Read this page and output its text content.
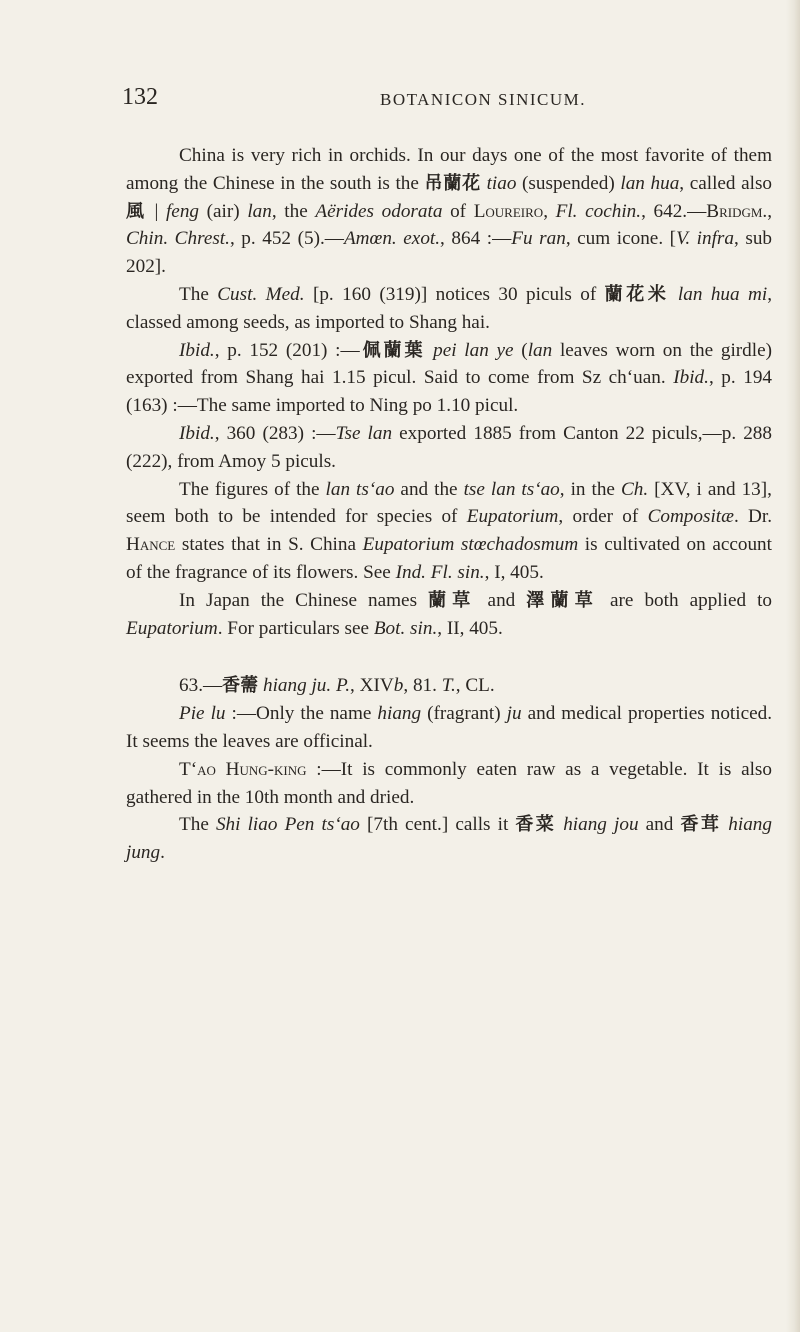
132	BOTANICON SINICUM.

China is very rich in orchids. In our days one of the most favorite of them among the Chinese in the south is the 吊蘭花 tiao (suspended) lan hua, called also 風 | feng (air) lan, the Aërides odorata of Loureiro, Fl. cochin., 642.—Bridgm., Chin. Chrest., p. 452 (5).—Amœn. exot., 864 :—Fu ran, cum icone. [V. infra, sub 202].

The Cust. Med. [p. 160 (319)] notices 30 piculs of 蘭花米 lan hua mi, classed among seeds, as imported to Shang hai.

Ibid., p. 152 (201) :—佩蘭葉 pei lan ye (lan leaves worn on the girdle) exported from Shang hai 1.15 picul. Said to come from Sz ch‘uan. Ibid., p. 194 (163) :—The same imported to Ning po 1.10 picul.

Ibid., 360 (283) :—Tse lan exported 1885 from Canton 22 piculs,—p. 288 (222), from Amoy 5 piculs.

The figures of the lan ts‘ao and the tse lan ts‘ao, in the Ch. [XV, i and 13], seem both to be intended for species of Eupatorium, order of Compositæ. Dr. Hance states that in S. China Eupatorium stœchadosmum is cultivated on account of the fragrance of its flowers. See Ind. Fl. sin., I, 405.

In Japan the Chinese names 蘭草 and 澤蘭草 are both applied to Eupatorium. For particulars see Bot. sin., II, 405.

63.—香薷 hiang ju. P., XIVb, 81. T., CL.

Pie lu :—Only the name hiang (fragrant) ju and medical properties noticed. It seems the leaves are officinal.

T‘ao Hung-king :—It is commonly eaten raw as a vegetable. It is also gathered in the 10th month and dried.

The Shi liao Pen ts‘ao [7th cent.] calls it 香菜 hiang jou and 香茸 hiang jung.
